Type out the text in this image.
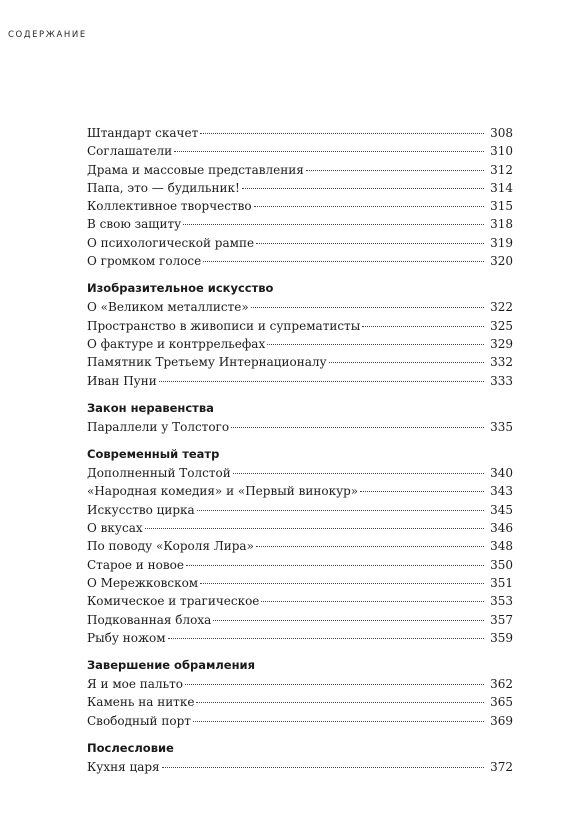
СОДЕРЖАНИЕ
Штандарт скачет	308
Соглашатели	310
Драма и массовые представления	312
Папа, это — будильник!	314
Коллективное творчество	315
В свою защиту	318
О психологической рампе	319
О громком голосе	320
Изобразительное искусство
О «Великом металлисте»	322
Пространство в живописи и супрематисты	325
О фактуре и контррельефах	329
Памятник Третьему Интернационалу	332
Иван Пуни	333
Закон неравенства
Параллели у Толстого	335
Современный театр
Дополненный Толстой	340
«Народная комедия» и «Первый винокур»	343
Искусство цирка	345
О вкусах	346
По поводу «Короля Лира»	348
Старое и новое	350
О Мережковском	351
Комическое и трагическое	353
Подкованная блоха	357
Рыбу ножом	359
Завершение обрамления
Я и мое пальто	362
Камень на нитке	365
Свободный порт	369
Послесловие
Кухня царя	372
